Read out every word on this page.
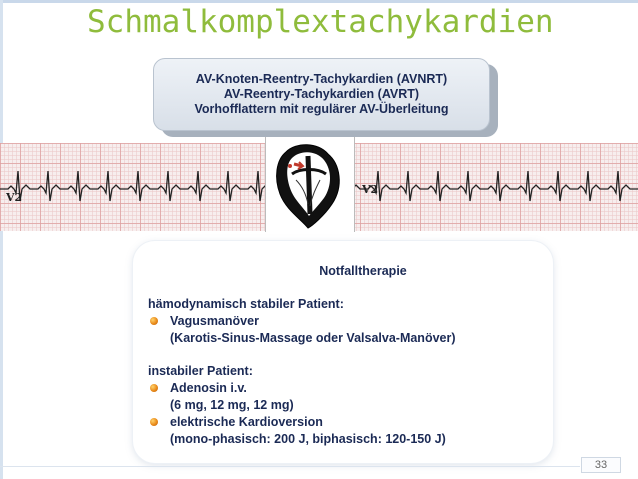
Schmalkomplextachykardien
V2
V2
AV-Knoten-Reentry-Tachykardien (AVNRT)
AV-Reentry-Tachykardien (AVRT)
Vorhofflattern mit regulärer AV-Überleitung
Notfalltherapie
hämodynamisch stabiler Patient:
Vagusmanöver
(Karotis-Sinus-Massage oder Valsalva-Manöver)
instabiler Patient:
Adenosin i.v.
(6 mg, 12 mg, 12 mg)
elektrische Kardioversion
(mono-phasisch: 200 J, biphasisch: 120-150 J)
33
